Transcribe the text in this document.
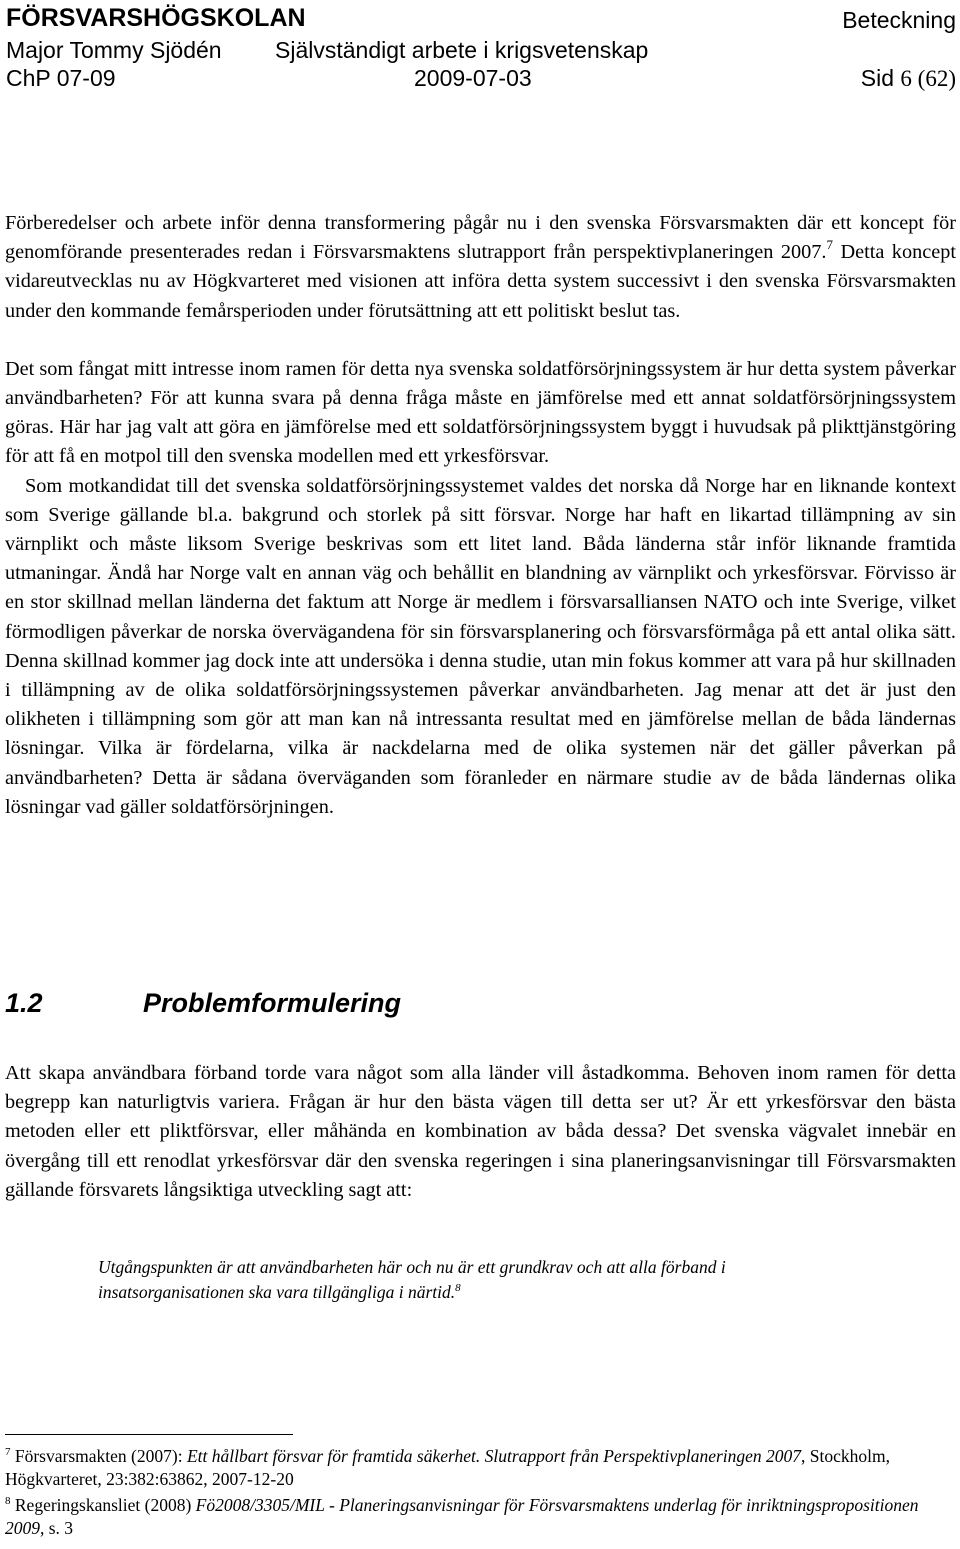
FÖRSVARSHÖGSKOLAN	Beteckning
Major Tommy Sjödén Självständigt arbete i krigsvetenskap
ChP 07-09	2009-07-03	Sid 6 (62)

Förberedelser och arbete inför denna transformering pågår nu i den svenska Försvarsmakten där ett koncept för genomförande presenterades redan i Försvarsmaktens slutrapport från perspektivplaneringen 2007.$^7$ Detta koncept vidareutvecklas nu av Högkvarteret med visionen att införa detta system successivt i den svenska Försvarsmakten under den kommande femårsperioden under förutsättning att ett politiskt beslut tas.

Det som fångat mitt intresse inom ramen för detta nya svenska soldatförsörjningssystem är hur detta system påverkar användbarheten? För att kunna svara på denna fråga måste en jämförelse med ett annat soldatförsörjningssystem göras. Här har jag valt att göra en jämförelse med ett soldatförsörjningssystem byggt i huvudsak på plikttjänstgöring för att få en motpol till den svenska modellen med ett yrkesförsvar.

Som motkandidat till det svenska soldatförsörjningssystemet valdes det norska då Norge har en liknande kontext som Sverige gällande bl.a. bakgrund och storlek på sitt försvar. Norge har haft en likartad tillämpning av sin värnplikt och måste liksom Sverige beskrivas som ett litet land. Båda länderna står inför liknande framtida utmaningar. Ändå har Norge valt en annan väg och behållit en blandning av värnplikt och yrkesförsvar. Förvisso är en stor skillnad mellan länderna det faktum att Norge är medlem i försvarsalliansen NATO och inte Sverige, vilket förmodligen påverkar de norska övervägandena för sin försvarsplanering och försvarsförmåga på ett antal olika sätt. Denna skillnad kommer jag dock inte att undersöka i denna studie, utan min fokus kommer att vara på hur skillnaden i tillämpning av de olika soldatförsörjningssystemen påverkar användbarheten. Jag menar att det är just den olikheten i tillämpning som gör att man kan nå intressanta resultat med en jämförelse mellan de båda ländernas lösningar. Vilka är fördelarna, vilka är nackdelarna med de olika systemen när det gäller påverkan på användbarheten? Detta är sådana överväganden som föranleder en närmare studie av de båda ländernas olika lösningar vad gäller soldatförsörjningen.

1.2	Problemformulering

Att skapa användbara förband torde vara något som alla länder vill åstadkomma. Behoven inom ramen för detta begrepp kan naturligtvis variera. Frågan är hur den bästa vägen till detta ser ut? Är ett yrkesförsvar den bästa metoden eller ett pliktförsvar, eller måhända en kombination av båda dessa? Det svenska vägvalet innebär en övergång till ett renodlat yrkesförsvar där den svenska regeringen i sina planeringsanvisningar till Försvarsmakten gällande försvarets långsiktiga utveckling sagt att:

Utgångspunkten är att användbarheten här och nu är ett grundkrav och att alla förband i insatsorganisationen ska vara tillgängliga i närtid.$^8$
$^7$ Försvarsmakten (2007): Ett hållbart försvar för framtida säkerhet. Slutrapport från Perspektivplaneringen 2007, Stockholm, Högkvarteret, 23:382:63862, 2007-12-20
$^8$ Regeringskansliet (2008) Fö2008/3305/MIL - Planeringsanvisningar för Försvarsmaktens underlag för inriktningspropositionen 2009, s. 3
